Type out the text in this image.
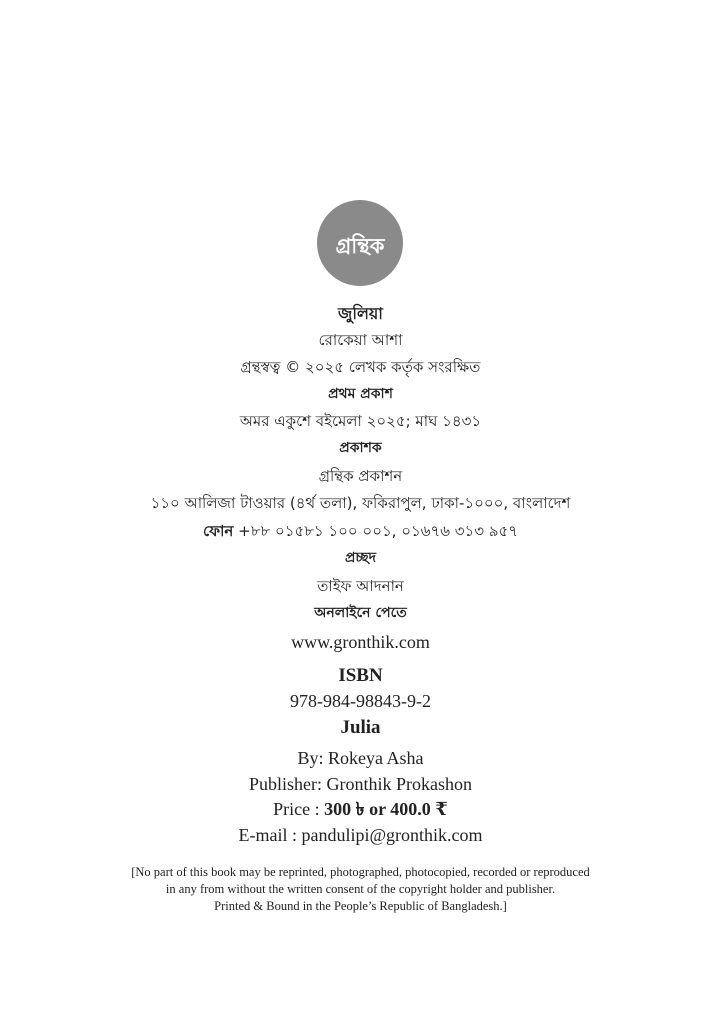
গ্রন্থিক
জুলিয়া
রোকেয়া আশা
গ্রন্থস্বত্ব © ২০২৫ লেখক কর্তৃক সংরক্ষিত
প্রথম প্রকাশ
অমর একুশে বইমেলা ২০২৫; মাঘ ১৪৩১
প্রকাশক
গ্রন্থিক প্রকাশন
১১০ আলিজা টাওয়ার (৪র্থ তলা), ফকিরাপুল, ঢাকা-১০০০, বাংলাদেশ
ফোন +৮৮ ০১৫৮১ ১০০ ০০১, ০১৬৭৬ ৩১৩ ৯৫৭
প্রচ্ছদ
তাইফ আদনান
অনলাইনে পেতে
www.gronthik.com
ISBN
978-984-98843-9-2
Julia
By: Rokeya Asha
Publisher: Gronthik Prokashon
Price : 300 ৳ or 400.0 ₹
E-mail : pandulipi@gronthik.com
[No part of this book may be reprinted, photographed, photocopied, recorded or reproduced
in any from without the written consent of the copyright holder and publisher.
Printed & Bound in the People’s Republic of Bangladesh.]
